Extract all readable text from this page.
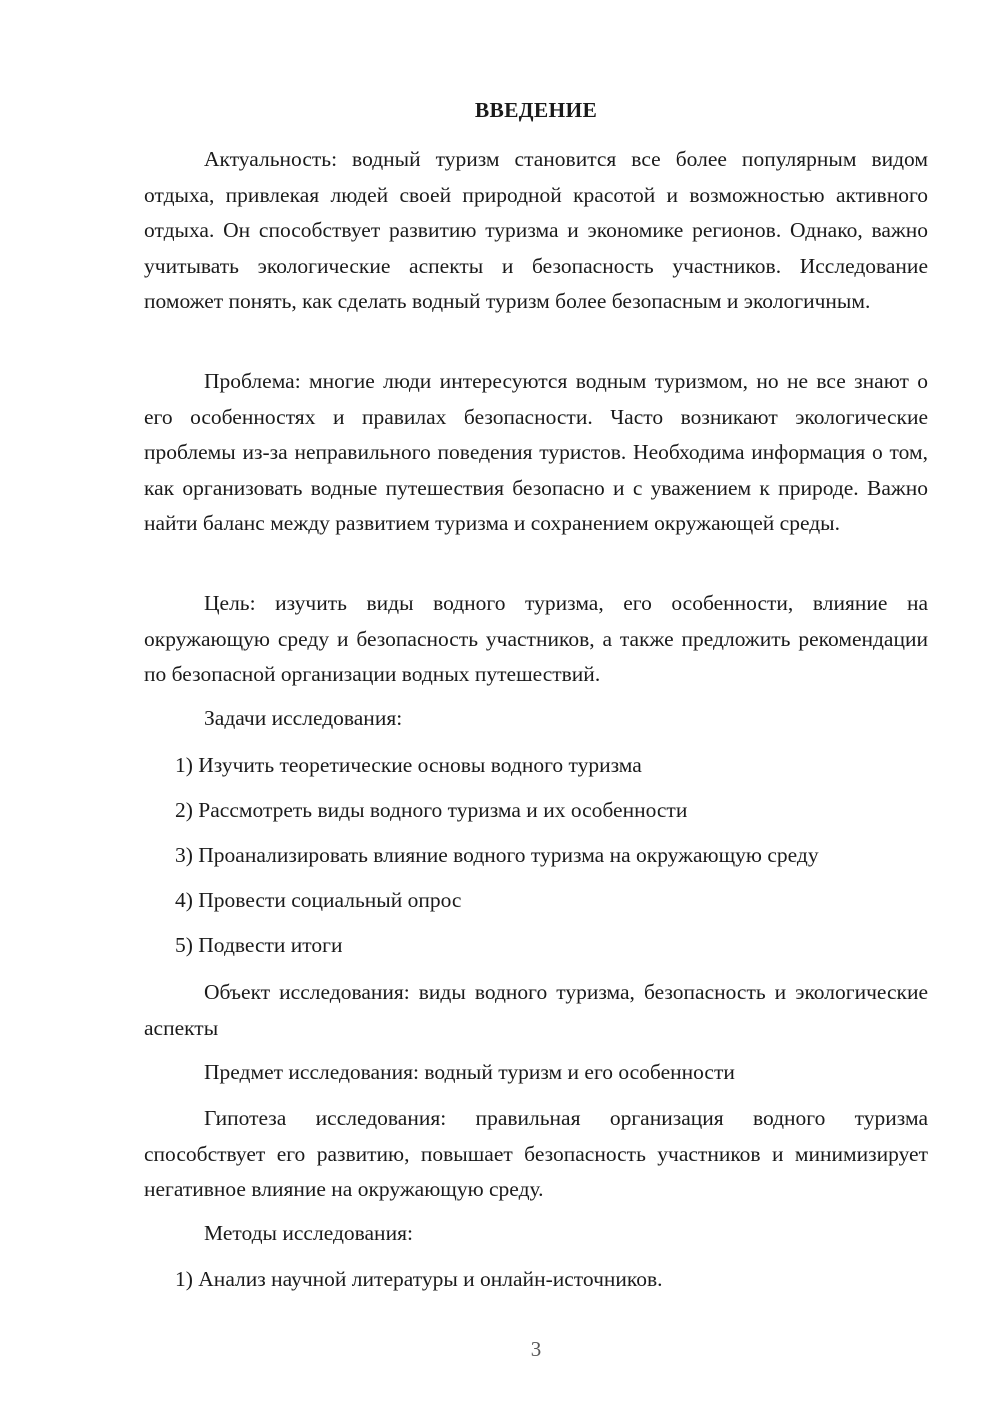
ВВЕДЕНИЕ

Актуальность: водный туризм становится все более популярным видом отдыха, привлекая людей своей природной красотой и возможностью активного отдыха. Он способствует развитию туризма и экономике регионов. Однако, важно учитывать экологические аспекты и безопасность участников. Исследование поможет понять, как сделать водный туризм более безопасным и экологичным.

Проблема: многие люди интересуются водным туризмом, но не все знают о его особенностях и правилах безопасности. Часто возникают экологические проблемы из-за неправильного поведения туристов. Необходима информация о том, как организовать водные путешествия безопасно и с уважением к природе. Важно найти баланс между развитием туризма и сохранением окружающей среды.

Цель: изучить виды водного туризма, его особенности, влияние на окружающую среду и безопасность участников, а также предложить рекомендации по безопасной организации водных путешествий.

Задачи исследования:

1) Изучить теоретические основы водного туризма

2) Рассмотреть виды водного туризма и их особенности

3) Проанализировать влияние водного туризма на окружающую среду

4) Провести социальный опрос

5) Подвести итоги

Объект исследования: виды водного туризма, безопасность и экологические аспекты

Предмет исследования: водный туризм и его особенности

Гипотеза исследования: правильная организация водного туризма способствует его развитию, повышает безопасность участников и минимизирует негативное влияние на окружающую среду.

Методы исследования:

1) Анализ научной литературы и онлайн-источников.

3
